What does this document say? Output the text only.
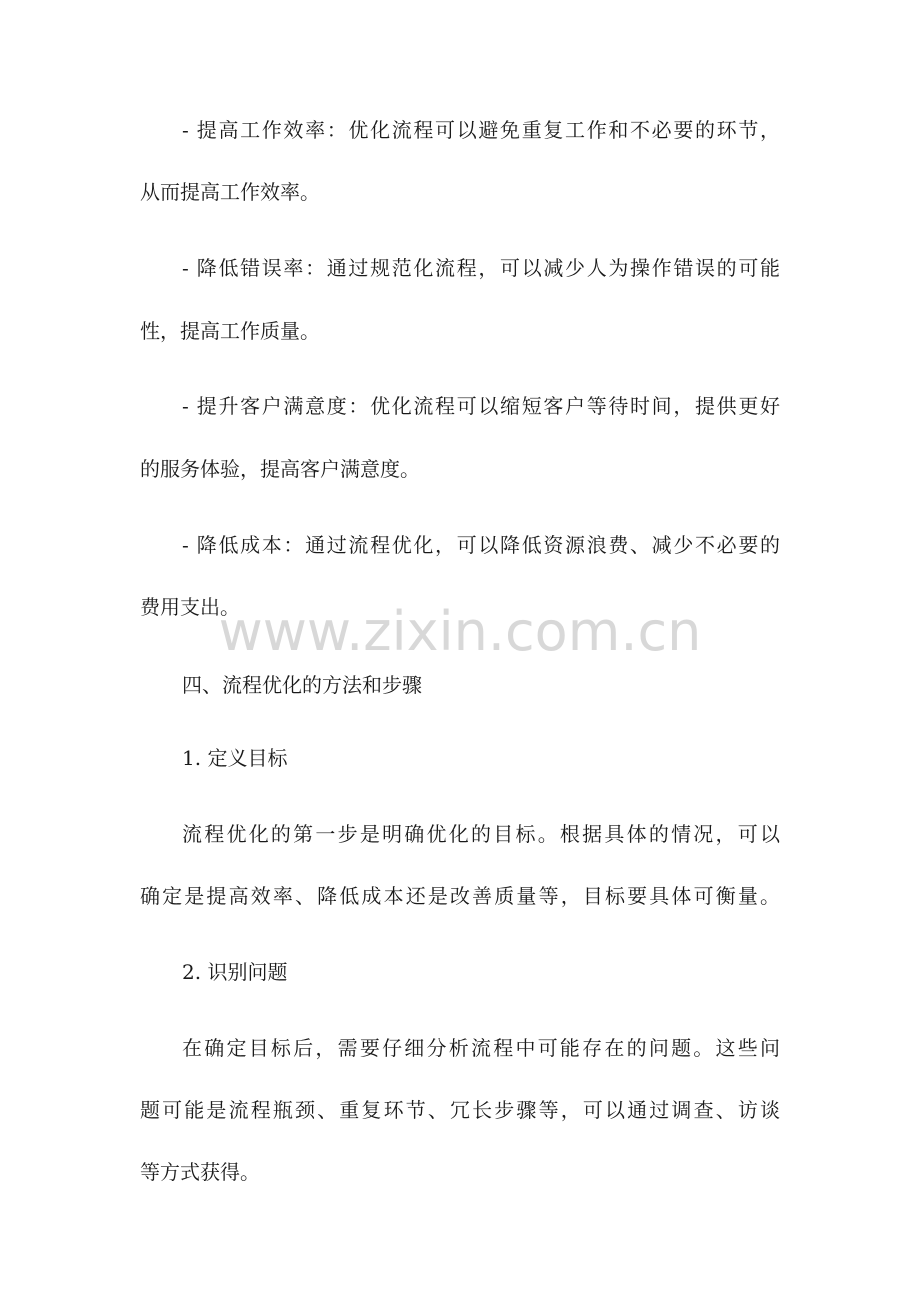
- 提高工作效率：优化流程可以避免重复工作和不必要的环节，
从而提高工作效率。
- 降低错误率：通过规范化流程，可以减少人为操作错误的可能
性，提高工作质量。
- 提升客户满意度：优化流程可以缩短客户等待时间，提供更好
的服务体验，提高客户满意度。
- 降低成本：通过流程优化，可以降低资源浪费、减少不必要的
费用支出。
四、流程优化的方法和步骤
1. 定义目标
流程优化的第一步是明确优化的目标。根据具体的情况，可以
确定是提高效率、降低成本还是改善质量等，目标要具体可衡量。
2. 识别问题
在确定目标后，需要仔细分析流程中可能存在的问题。这些问
题可能是流程瓶颈、重复环节、冗长步骤等，可以通过调查、访谈
等方式获得。
www.zixin.com.cn
